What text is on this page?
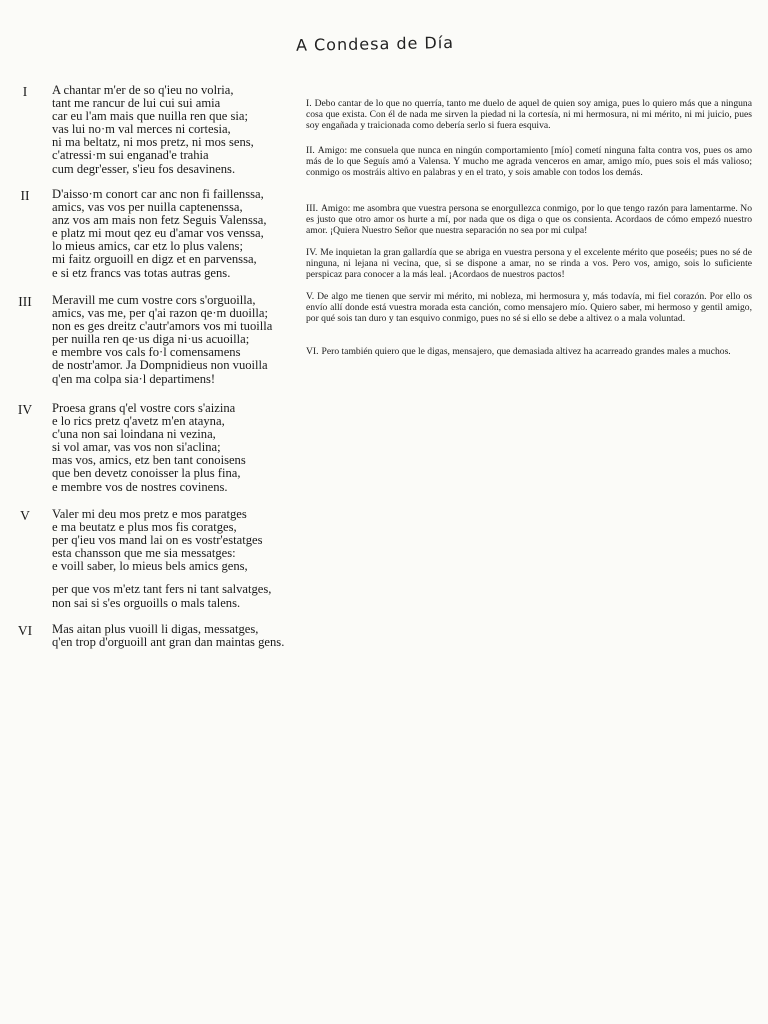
A Condesa de Día
I	A chantar m'er de so q'ieu no volria,
tant me rancur de lui cui sui amia
car eu l'am mais que nuilla ren que sia;
vas lui no·m val merces ni cortesia,
ni ma beltatz, ni mos pretz, ni mos sens,
c'atressi·m sui enganad'e trahia
cum degr'esser, s'ieu fos desavinens.
II	D'aisso·m conort car anc non fi faillenssa,
amics, vas vos per nuilla captenenssa,
anz vos am mais non fetz Seguis Valenssa,
e platz mi mout qez eu d'amar vos venssa,
lo mieus amics, car etz lo plus valens;
mi faitz orguoill en digz et en parvenssa,
e si etz francs vas totas autras gens.
III	Meravill me cum vostre cors s'orguoilla,
amics, vas me, per q'ai razon qe·m duoilla;
non es ges dreitz c'autr'amors vos mi tuoilla
per nuilla ren qe·us diga ni·us acuoilla;
e membre vos cals fo·l comensamens
de nostr'amor. Ja Dompnidieus non vuoilla
q'en ma colpa sia·l departimens!
IV	Proesa grans q'el vostre cors s'aizina
e lo rics pretz q'avetz m'en atayna,
c'una non sai loindana ni vezina,
si vol amar, vas vos non si'aclina;
mas vos, amics, etz ben tant conoisens
que ben devetz conoisser la plus fina,
e membre vos de nostres covinens.
V	Valer mi deu mos pretz e mos paratges
e ma beutatz e plus mos fis coratges,
per q'ieu vos mand lai on es vostr'estatges
esta chansson que me sia messatges:
e voill saber, lo mieus bels amics gens,
per que vos m'etz tant fers ni tant salvatges,
non sai si s'es orguoills o mals talens.
VI	Mas aitan plus vuoill li digas, messatges,
q'en trop d'orguoill ant gran dan maintas gens.

I. Debo cantar de lo que no querría, tanto me duelo de aquel de quien soy amiga, pues lo quiero más que a ninguna cosa que exista. Con él de nada me sirven la piedad ni la cortesía, ni mi hermosura, ni mi mérito, ni mi juicio, pues soy engañada y traicionada como debería serlo si fuera esquiva.

II. Amigo: me consuela que nunca en ningún comportamiento [mío] cometí ninguna falta contra vos, pues os amo más de lo que Seguís amó a Valensa. Y mucho me agrada venceros en amar, amigo mío, pues sois el más valioso; conmigo os mostráis altivo en palabras y en el trato, y sois amable con todos los demás.

III. Amigo: me asombra que vuestra persona se enorgullezca conmigo, por lo que tengo razón para lamentarme. No es justo que otro amor os hurte a mí, por nada que os diga o que os consienta. Acordaos de cómo empezó nuestro amor. ¡Quiera Nuestro Señor que nuestra separación no sea por mi culpa!

IV. Me inquietan la gran gallardía que se abriga en vuestra persona y el excelente mérito que poseéis; pues no sé de ninguna, ni lejana ni vecina, que, si se dispone a amar, no se rinda a vos. Pero vos, amigo, sois lo suficiente perspicaz para conocer a la más leal. ¡Acordaos de nuestros pactos!

V. De algo me tienen que servir mi mérito, mi nobleza, mi hermosura y, más todavía, mi fiel corazón. Por ello os envío allí donde está vuestra morada esta canción, como mensajero mío. Quiero saber, mi hermoso y gentil amigo, por qué sois tan duro y tan esquivo conmigo, pues no sé si ello se debe a altivez o a mala voluntad.

VI. Pero también quiero que le digas, mensajero, que demasiada altivez ha acarreado grandes males a muchos.
